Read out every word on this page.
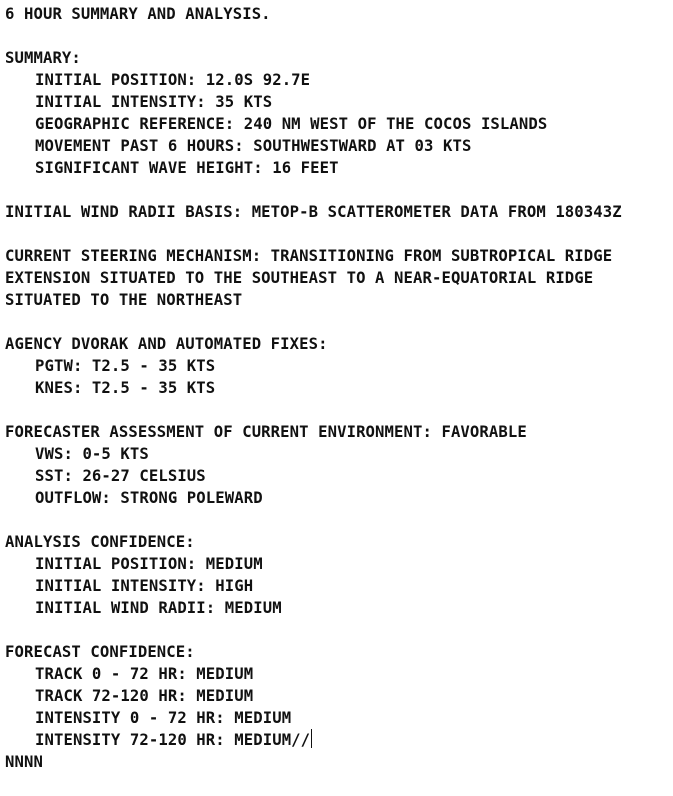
6 HOUR SUMMARY AND ANALYSIS.
SUMMARY:
INITIAL POSITION: 12.0S 92.7E
INITIAL INTENSITY: 35 KTS
GEOGRAPHIC REFERENCE: 240 NM WEST OF THE COCOS ISLANDS
MOVEMENT PAST 6 HOURS: SOUTHWESTWARD AT 03 KTS
SIGNIFICANT WAVE HEIGHT: 16 FEET
INITIAL WIND RADII BASIS: METOP-B SCATTEROMETER DATA FROM 180343Z
CURRENT STEERING MECHANISM: TRANSITIONING FROM SUBTROPICAL RIDGE
EXTENSION SITUATED TO THE SOUTHEAST TO A NEAR-EQUATORIAL RIDGE
SITUATED TO THE NORTHEAST
AGENCY DVORAK AND AUTOMATED FIXES:
PGTW: T2.5 - 35 KTS
KNES: T2.5 - 35 KTS
FORECASTER ASSESSMENT OF CURRENT ENVIRONMENT: FAVORABLE
VWS: 0-5 KTS
SST: 26-27 CELSIUS
OUTFLOW: STRONG POLEWARD
ANALYSIS CONFIDENCE:
INITIAL POSITION: MEDIUM
INITIAL INTENSITY: HIGH
INITIAL WIND RADII: MEDIUM
FORECAST CONFIDENCE:
TRACK 0 - 72 HR: MEDIUM
TRACK 72-120 HR: MEDIUM
INTENSITY 0 - 72 HR: MEDIUM
INTENSITY 72-120 HR: MEDIUM//
NNNN
